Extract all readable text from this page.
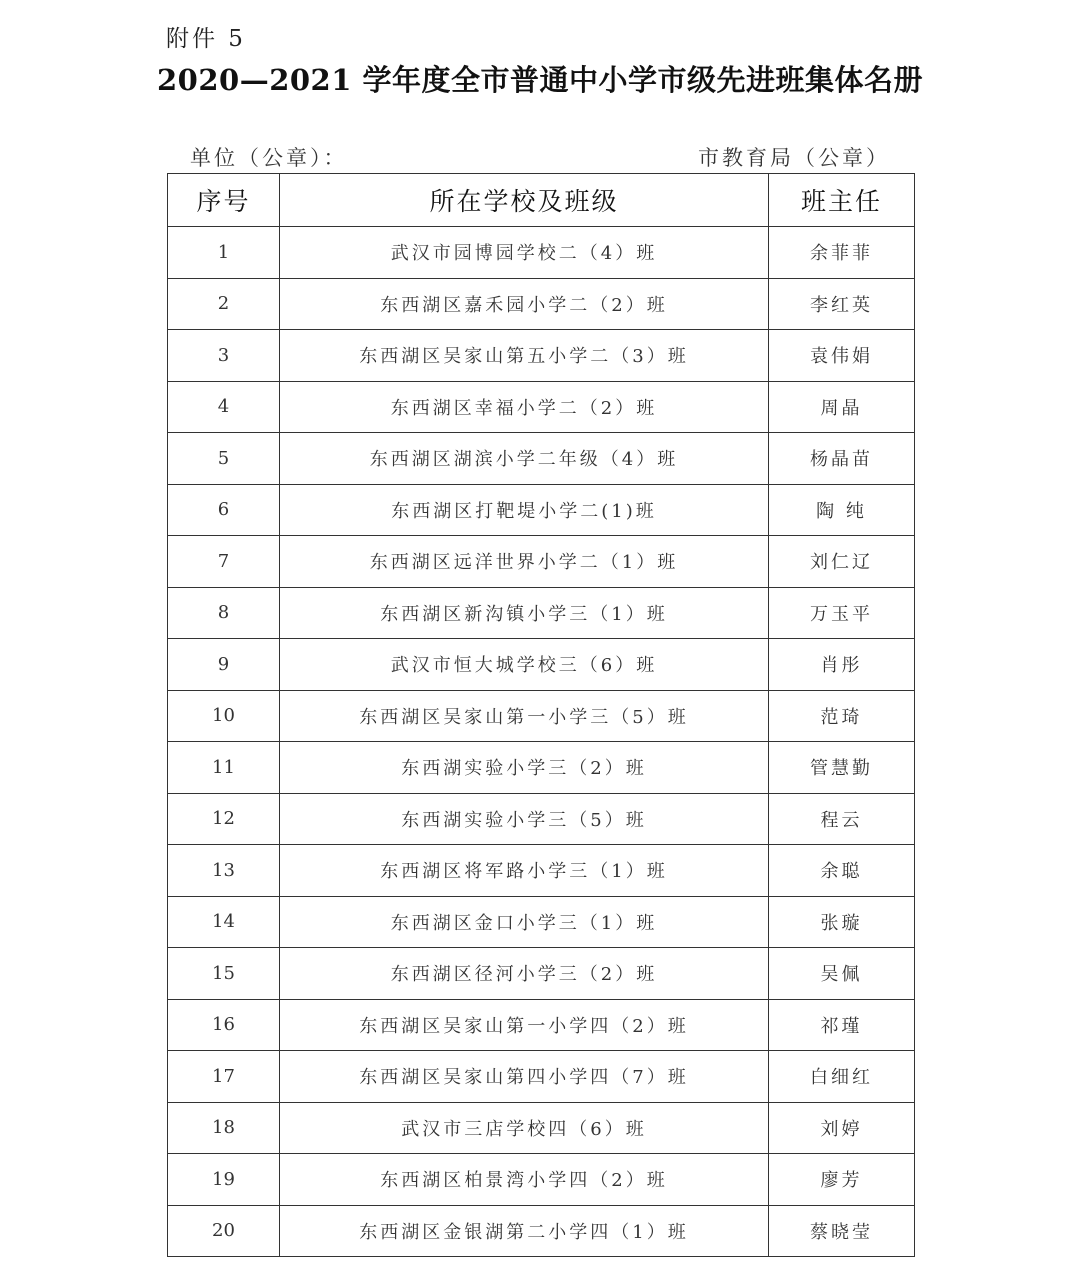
附件 5
2020—2021 学年度全市普通中小学市级先进班集体名册
单位（公章）：	市教育局（公章）
序号	所在学校及班级	班主任
1	武汉市园博园学校二（4）班	余菲菲
2	东西湖区嘉禾园小学二（2）班	李红英
3	东西湖区吴家山第五小学二（3）班	袁伟娟
4	东西湖区幸福小学二（2）班	周晶
5	东西湖区湖滨小学二年级（4）班	杨晶苗
6	东西湖区打靶堤小学二(1)班	陶 纯
7	东西湖区远洋世界小学二（1）班	刘仁辽
8	东西湖区新沟镇小学三（1）班	万玉平
9	武汉市恒大城学校三（6）班	肖彤
10	东西湖区吴家山第一小学三（5）班	范琦
11	东西湖实验小学三（2）班	管慧勤
12	东西湖实验小学三（5）班	程云
13	东西湖区将军路小学三（1）班	余聪
14	东西湖区金口小学三（1）班	张璇
15	东西湖区径河小学三（2）班	吴佩
16	东西湖区吴家山第一小学四（2）班	祁瑾
17	东西湖区吴家山第四小学四（7）班	白细红
18	武汉市三店学校四（6）班	刘婷
19	东西湖区柏景湾小学四（2）班	廖芳
20	东西湖区金银湖第二小学四（1）班	蔡晓莹
